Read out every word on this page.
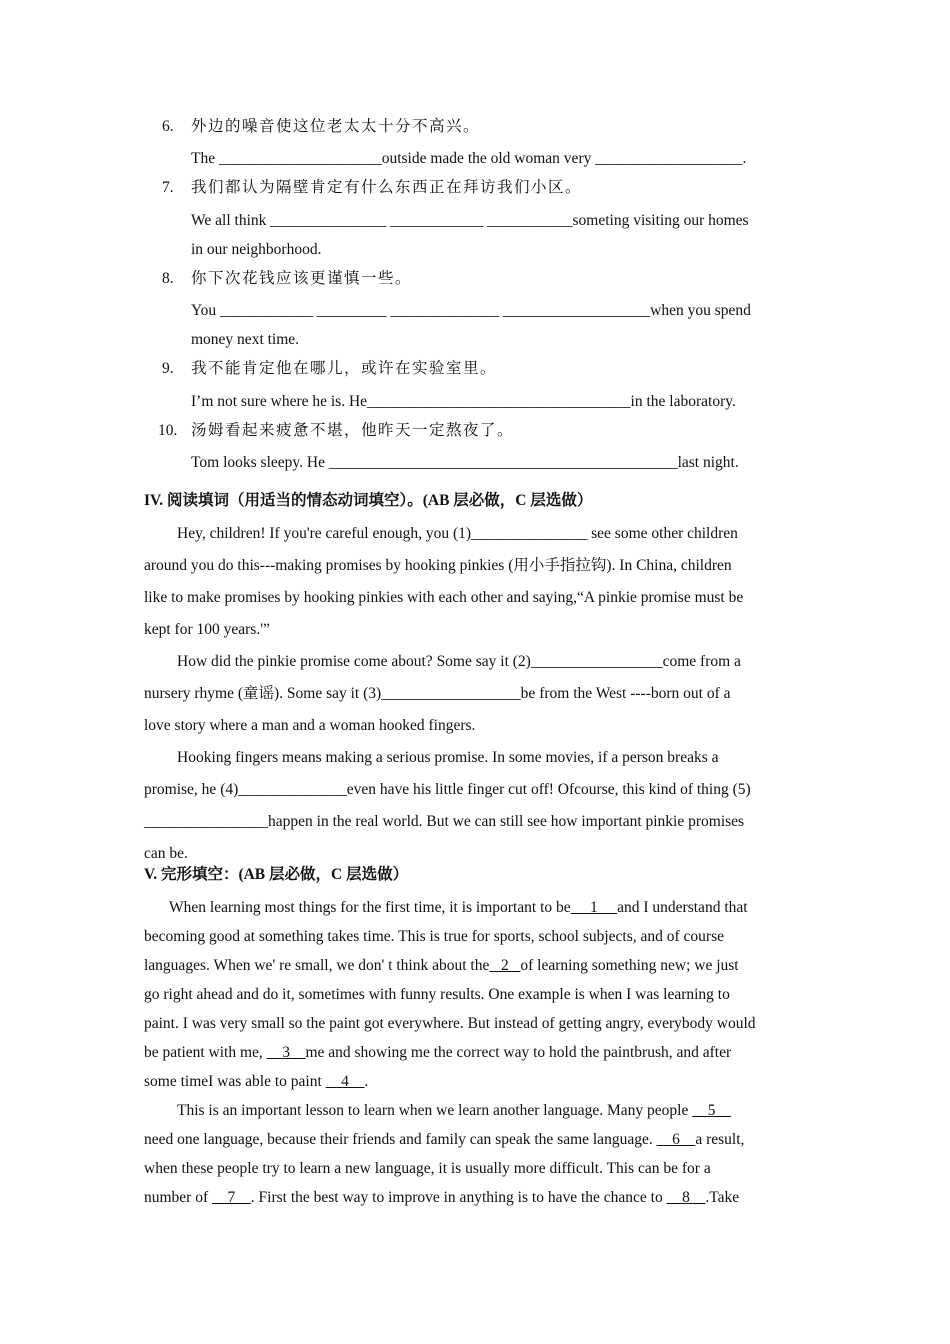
6. 外边的噪音使这位老太太十分不高兴。
The _____________________outside made the old woman very ___________________.
7. 我们都认为隔壁肯定有什么东西正在拜访我们小区。
We all think _______________ ____________ ___________someting visiting our homes
in our neighborhood.
8. 你下次花钱应该更谨慎一些。
You ____________ _________ ______________ ___________________when you spend
money next time.
9. 我不能肯定他在哪儿，或许在实验室里。
I’m not sure where he is. He__________________________________in the laboratory.
10. 汤姆看起来疲惫不堪，他昨天一定熬夜了。
Tom looks sleepy. He _____________________________________________last night.
IV. 阅读填词（用适当的情态动词填空）。(AB 层必做，C 层选做）
Hey, children! If you're careful enough, you (1)_______________ see some other children
around you do this---making promises by hooking pinkies (用小手指拉钩). In China, children
like to make promises by hooking pinkies with each other and saying,“A pinkie promise must be
kept for 100 years.'”
How did the pinkie promise come about? Some say it (2)_________________come from a
nursery rhyme (童谣). Some say it (3)__________________be from the West ----born out of a
love story where a man and a woman hooked fingers.
Hooking fingers means making a serious promise. In some movies, if a person breaks a
promise, he (4)______________even have his little finger cut off! Ofcourse, this kind of thing (5)
________________happen in the real world. But we can still see how important pinkie promises
can be.
V. 完形填空：(AB 层必做，C 层选做）
When learning most things for the first time, it is important to be     1     and I understand that
becoming good at something takes time. This is true for sports, school subjects, and of course
languages. When we' re small, we don' t think about the   2   of learning something new; we just
go right ahead and do it, sometimes with funny results. One example is when I was learning to
paint. I was very small so the paint got everywhere. But instead of getting angry, everybody would
be patient with me,     3    me and showing me the correct way to hold the paintbrush, and after
some timeI was able to paint     4    .
This is an important lesson to learn when we learn another language. Many people     5
need one language, because their friends and family can speak the same language.     6    a result,
when these people try to learn a new language, it is usually more difficult. This can be for a
number of     7    . First the best way to improve in anything is to have the chance to     8    .Take
